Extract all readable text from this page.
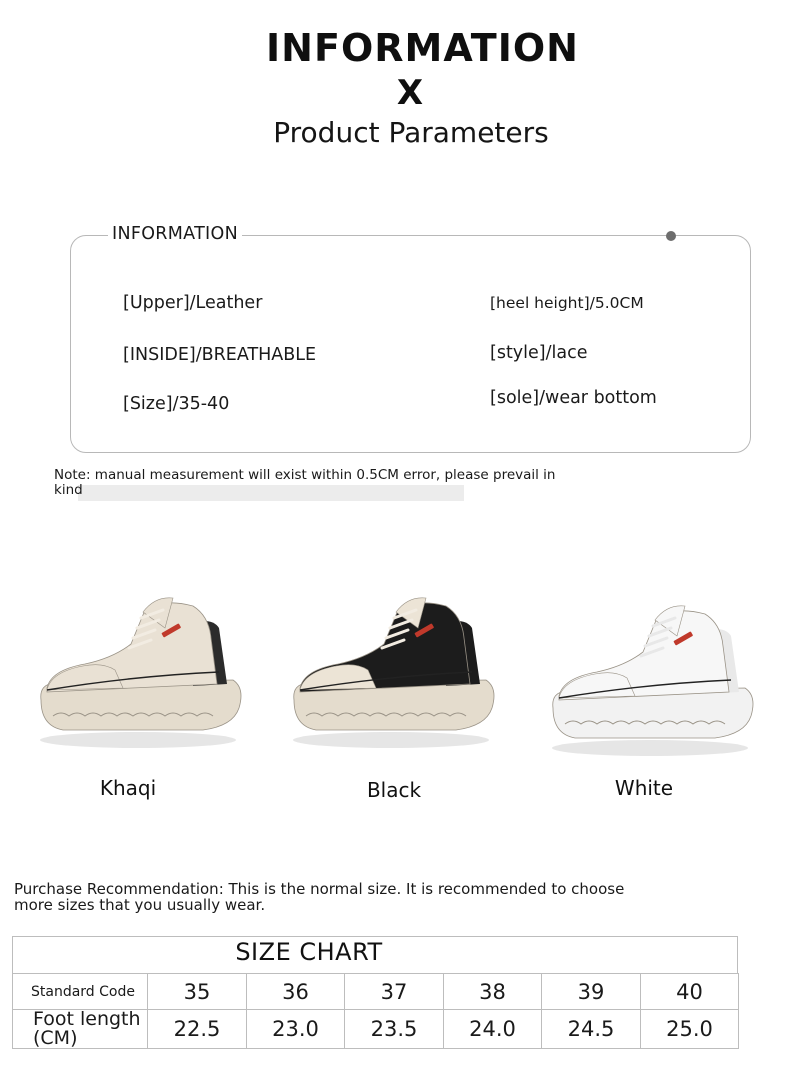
INFORMATION
X
Product Parameters
INFORMATION
[Upper]/Leather
[INSIDE]/BREATHABLE
[Size]/35-40
[heel height]/5.0CM
[style]/lace
[sole]/wear bottom
Note: manual measurement will exist within 0.5CM error, please prevail in kind
Khaqi	Black	White
Purchase Recommendation: This is the normal size. It is recommended to choose more sizes that you usually wear.
SIZE CHART
Standard Code	35	36	37	38	39	40
Foot length (CM)	22.5	23.0	23.5	24.0	24.5	25.0
